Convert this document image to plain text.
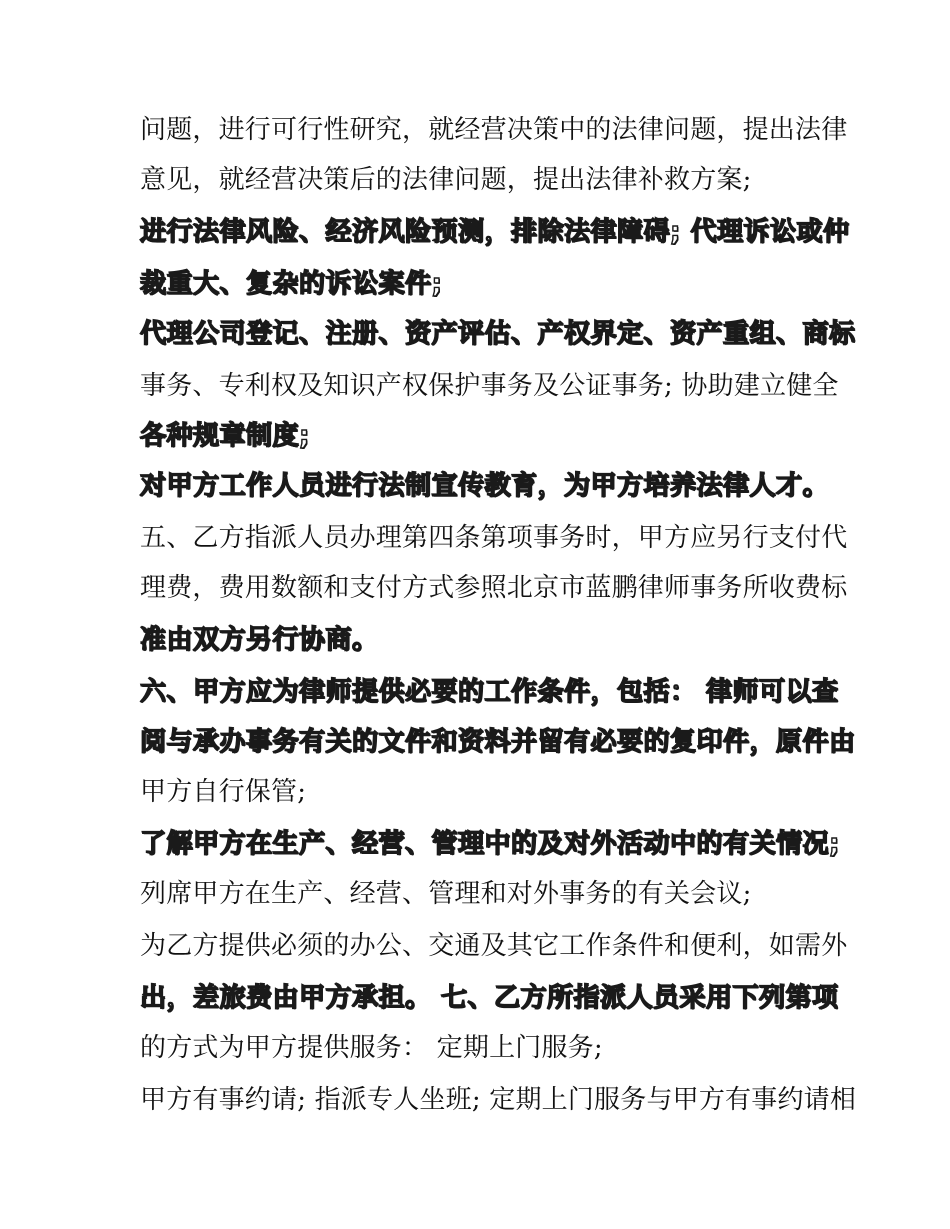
问题，进行可行性研究，就经营决策中的法律问题，提出法律
意见，就经营决策后的法律问题，提出法律补救方案;
进行法律风险、经济风险预测，排除法律障碍; 代理诉讼或仲
裁重大、复杂的诉讼案件;
代理公司登记、注册、资产评估、产权界定、资产重组、商标
事务、专利权及知识产权保护事务及公证事务; 协助建立健全
各种规章制度;
对甲方工作人员进行法制宣传教育，为甲方培养法律人才。
五、乙方指派人员办理第四条第项事务时，甲方应另行支付代
理费，费用数额和支付方式参照北京市蓝鹏律师事务所收费标
准由双方另行协商。
六、甲方应为律师提供必要的工作条件，包括： 律师可以查
阅与承办事务有关的文件和资料并留有必要的复印件，原件由
甲方自行保管;
了解甲方在生产、经营、管理中的及对外活动中的有关情况;
列席甲方在生产、经营、管理和对外事务的有关会议;
为乙方提供必须的办公、交通及其它工作条件和便利，如需外
出，差旅费由甲方承担。 七、乙方所指派人员采用下列第项
的方式为甲方提供服务： 定期上门服务;
甲方有事约请; 指派专人坐班; 定期上门服务与甲方有事约请相
